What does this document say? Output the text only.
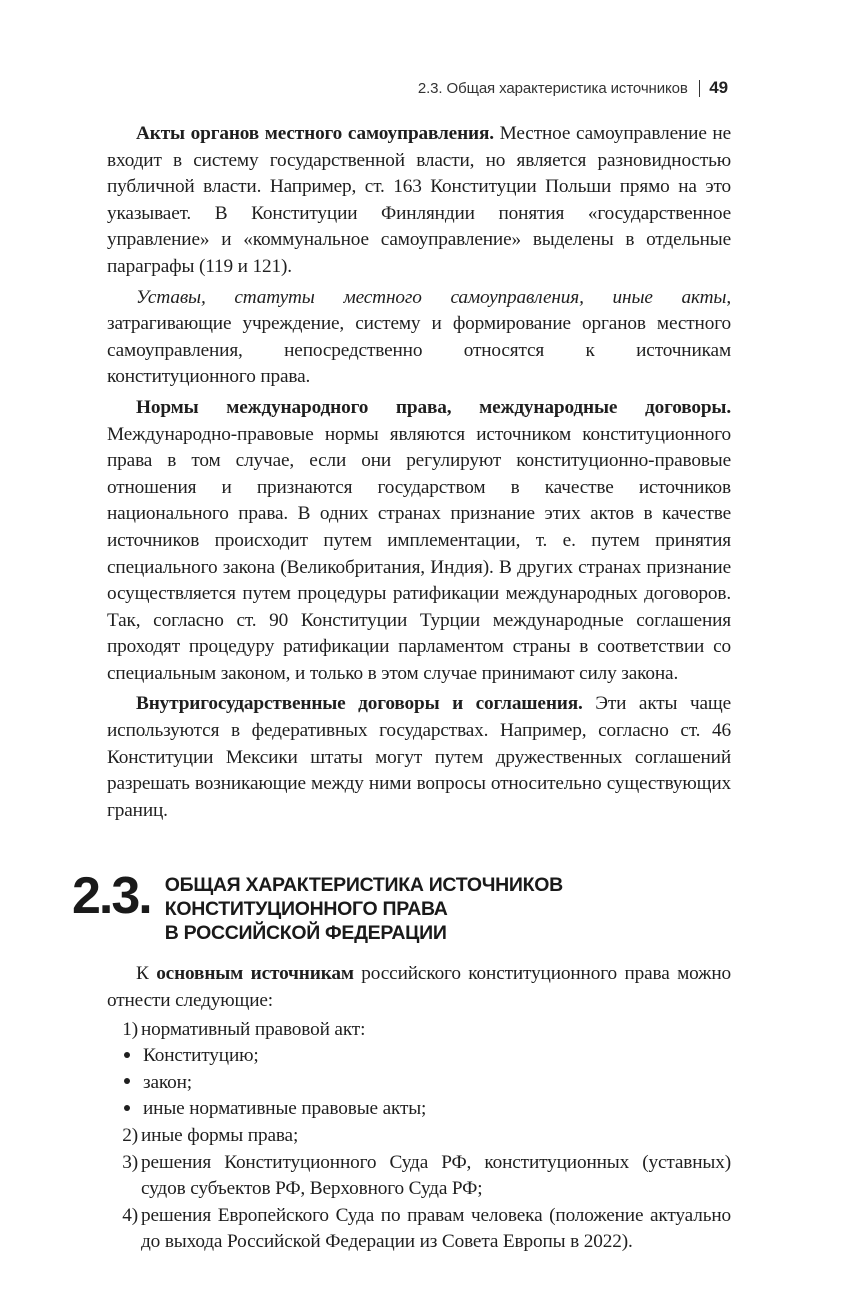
2.3. Общая характеристика источников 49

Акты органов местного самоуправления. Местное самоуправление не входит в систему государственной власти, но является разновидностью публичной власти. Например, ст. 163 Конституции Польши прямо на это указывает. В Конституции Финляндии понятия «государственное управление» и «коммунальное самоуправление» выделены в отдельные параграфы (119 и 121).

Уставы, статуты местного самоуправления, иные акты, затрагивающие учреждение, систему и формирование органов местного самоуправления, непосредственно относятся к источникам конституционного права.

Нормы международного права, международные договоры. Международно-правовые нормы являются источником конституционного права в том случае, если они регулируют конституционно-правовые отношения и признаются государством в качестве источников национального права. В одних странах признание этих актов в качестве источников происходит путем имплементации, т. е. путем принятия специального закона (Великобритания, Индия). В других странах признание осуществляется путем процедуры ратификации международных договоров. Так, согласно ст. 90 Конституции Турции международные соглашения проходят процедуру ратификации парламентом страны в соответствии со специальным законом, и только в этом случае принимают силу закона.

Внутригосударственные договоры и соглашения. Эти акты чаще используются в федеративных государствах. Например, согласно ст. 46 Конституции Мексики штаты могут путем дружественных соглашений разрешать возникающие между ними вопросы относительно существующих границ.

2.3. ОБЩАЯ ХАРАКТЕРИСТИКА ИСТОЧНИКОВ
КОНСТИТУЦИОННОГО ПРАВА
В РОССИЙСКОЙ ФЕДЕРАЦИИ

К основным источникам российского конституционного права можно отнести следующие:

1) нормативный правовой акт:
Конституцию;
закон;
иные нормативные правовые акты;
2) иные формы права;
3) решения Конституционного Суда РФ, конституционных (уставных) судов субъектов РФ, Верховного Суда РФ;
4) решения Европейского Суда по правам человека (положение актуально до выхода Российской Федерации из Совета Европы в 2022).
